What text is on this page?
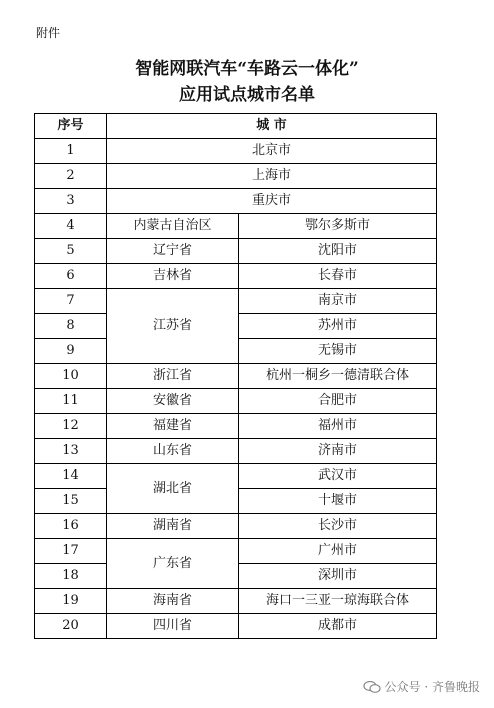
附件
智能网联汽车“车路云一体化”
应用试点城市名单
序号	城 市	
1	北京市	
2	上海市	
3	重庆市	
4	内蒙古自治区	鄂尔多斯市
5	辽宁省	沈阳市
6	吉林省	长春市
7	江苏省	南京市
8		苏州市
9		无锡市
10	浙江省	杭州一桐乡一德清联合体
11	安徽省	合肥市
12	福建省	福州市
13	山东省	济南市
14	湖北省	武汉市
15		十堰市
16	湖南省	长沙市
17	广东省	广州市
18		深圳市
19	海南省	海口一三亚一琼海联合体
20	四川省	成都市
公众号 · 齐鲁晚报
